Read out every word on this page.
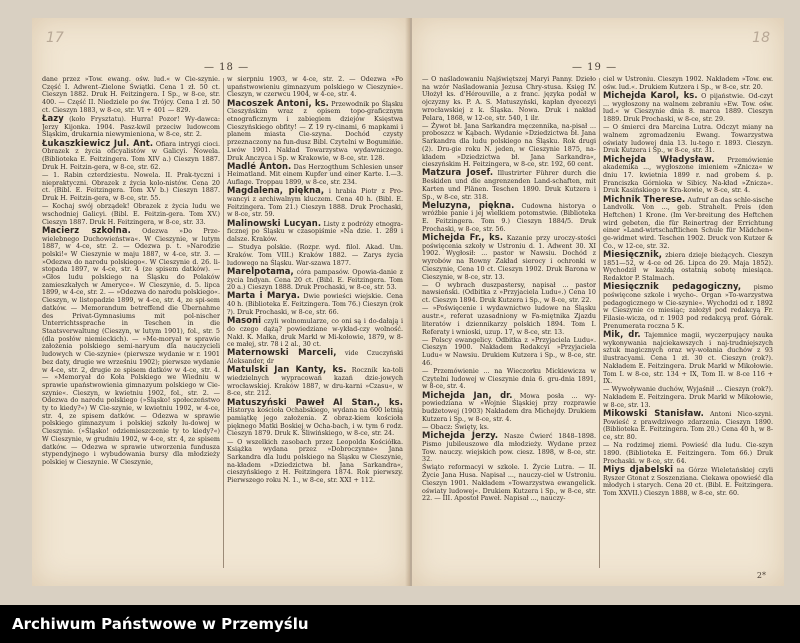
17
— 18 —

dane przez »Tow. ewang. ośw. lud.« w Cie-szynie. Część I. Adwent–Zielone Świątki. Cena 1 zł. 50 ct. Cieszyn 1882. Druk H. Feitzingera. I Sp., w 8-ce, str. 400. — Część II. Niedziele po św. Trójcy. Cena 1 zł. 50 ct. Cieszyn 1883, w 8-ce, str. VI + 401 — 829.

Łazy (koło Frysztatu). Hurra! Pozor! Wy-dawca: Jerzy Kijonka. 1904. Pasz-kwil przeciw ludowcom Śląskim, drukarnia niewymieniona, w 8-ce, str. 2.

Łukaszkiewicz Jul. Ant. Ofiara intrygi cioci. Obrazek z życia oficyalistów w Galicyi. Nowela. (Biblioteka E. Feitzingera. Tom XIV a.) Cieszyn 1887. Druk H. Feitzin-gera, w 8-ce, str. 62.

— 1. Rabin czterdziestu. Nowela. II. Prak-tyczni i niepraktyczni. Obrazek z życia kolo-nistów. Cena 20 ct. (Bibl. E. Feitzingera. Tom XV b.) Cieszyn 1887. Druk H. Feitzin-gera, w 8-ce, str. 55.

— Kochaj swój obrządek! Obrazek z życia ludu we wschodniej Galicyi. (Bibl. E. Feitzin-gera. Tom XV.) Cieszyn 1887. Druk H. Feitzingera, w 8-ce, str. 33.

Macierz szkolna. Odezwa »Do Prze-wielebnego Duchowieństwa«. W Cieszynie, w lutym 1887, w 4-ce, str. 2. — Odezwa p. t. »Narodzie polski!« W Cieszynie w maju 1887, w 4-ce, str. 3. — »Odezwa do narodu polskiego«. W Cieszynie d. 26. li-stopada 1897, w 4-ce, str. 4 (ze spisem datków). — »Głos ludu polskiego na Śląsku do Polaków zamieszkałych w Ameryce«. W Cieszynie, d. 5. lipca 1899, w 4-ce, str. 2. — »Odezwa do narodu polskiego«. Cieszyn, w listopadzie 1899, w 4-ce, str. 4, ze spi-sem datków. — Memorandum betreffend die Übernahme des Privat-Gymnasiums mit pol-nischer Unterrichtssprache in Teschen in die Staatsverwaltung (Cieszyn, w lutym 1901), fol., str. 5 (dla posłów niemieckich). — »Me-moryał w sprawie założenia polskiego semi-naryum dla nauczycieli ludowych w Cie-szynie« (pierwsze wydanie w r. 1901 bez daty, drugie we wrześniu 1902); pierwsze wydanie w 4-ce, str. 2, drugie ze spisem datków w 4-ce, str. 4. — »Memoryał do Koła Polskiego we Wiedniu w sprawie upaństwowienia gimnazyum polskiego w Cie-szynie«. Cieszyn, w kwietniu 1902, fol., str. 2. — Odezwa do narodu polskiego (»Śląsko! społeczeństwo ty to kiedy?«) W Cie-szynie, w kwietniu 1902, w 4-ce, str. 4, ze spisem datków. — Odezwa w sprawie polskiego gimnazyum i polskiej szkoły lu-dowej w Cieszynie. (»Śląsko! odziemieszczenie ty to kiedy?«) W Cieszynie, w grudniu 1902, w 4-ce, str. 4, ze spisem datków. — Odezwa w sprawie utworzenia fundusza stypendyjnego i wybudowania bursy dla młodzieży polskiej w Cieszynie. W Cieszynie,

w sierpniu 1903, w 4-ce, str. 2. — Odezwa »Po upaństwowieniu gimnazyum polskiego w Cieszynie«. Cieszyn, w czerwcu 1904, w 4-ce, str. 4.

Macoszek Antoni, ks. Przewodnik po Śląsku Cieszyńskim wraz z opisem topo-graficznym etnograficznym i zabiegiem dziejów Księstwa Cieszyńskiego obfity! — Z 19 ry-cinami, 6 mapkami i planem miasta Cie-szyna. Dochód czysty przeznaczony na fun-dusz Bibl. Czytelni w Bogumińie. Lwów 1901. Nakład Towarzystwa wydawniczego. Druk Anczyca i Sp. w Krakowie, w 8-ce, str. 128.

Madlé Anton. Das Herzogthum Schlesien unser Heimatland. Mit einem Kupfer und einer Karte. I.—3. Auflage. Troppau 1899, w 8-ce, str. 234.

Magdalena, piękna, i hrabia Piotr z Pro-wancyi z archiwalnym kluczem. Cena 40 h. (Bibl. E. Feitzingera. Tom 21.) Cieszyn 1888. Druk Prochaski, w 8-ce, str. 59.

Malinowski Lucyan. Listy z podróży etnogra-ficznej po Śląsku w czasopiśmie »Na dzie. 1. 289 i dalsze. Kraków.

— Studya polskie. (Rozpr. wyd. filol. Akad. Um. Kraków. Tom VIII.) Kraków 1882. — Zarys życia ludowego na Śląsku. War-szawa 1877.

Marelpotama, córa pampasów. Opowia-danie z życia Indyan. Cena 20 ct. (Bibl. E. Feitzingera. Tom 20 a.) Cieszyn 1888. Druk Prochaski, w 8-ce, str. 53.

Marta i Marya. Dwie powieści wiejskie. Cena 40 h. (Biblioteka E. Feitzingera. Tom 76.) Cieszyn (rok ?). Druk Prochaski, w 8-ce, str. 66.

Masoni czyli wolnomularze, co oni są i do-dałają i do czego dążą? powiedziane w-ykład-czy wolność. Nakł. K. Małka, druk Markl w Mi-kołowie, 1879, w 8-ce małej, str. 78 i 2 al., 30 ct.

Maternowski Marceli, vide Czuczyński Aleksander, dr

Matulski Jan Kanty, ks. Rocznik ka-toli wiedzielnych wypracowań kazań dzie-jowych wrocławskiej. Kraków 1887, w dru-karni »Czasu«, w 8-ce, str. 212.

Matuszyński Paweł Al Stan., ks. Historya kościoła Ochabskiego, wydana na 600 letnią pamiątkę jego założenia. Z obraz-kiem kościoła pięknego Matki Boskiej w Ocha-bach, i w. tym 6 rodz. Cieszyn 1879. Druk K. Śliwińskiego, w 8-ce, str. 24.

— O wszelkich zasobach przez Leopolda Kościółka. Książka wydana przez »Dobroczynne« Jana Sarkandra dla ludu polskiego na Śląsku w Cieszynie, na-kładem »Dziedzictwa bł. Jana Sarkandra«, cieszyńskiego z H. Feitzingera 1874. Rok pierwszy. Pierwszego roku N. 1., w 8-ce, str. XXI + 112.

18
— 19 —

— O naśladowaniu Najświętszej Maryi Panny. Dzieło na wzór Naśladowania Jezusa Chry-stusa. Księg IV. Ułożył ks. d'Hérouville, a z franc. języka podał w ojczyzny ks. P. A. S. Matuszyński, kapłan dyecezyi wrocławskiej z k. Śląska. Nowa. Druk i nakład Pelara, 1868, w 12-ce, str. 540, 1 ilr.

— Żywot bł. Jana Sarkandra męczennika, na-pisał ... proboszcz w Kąbach. Wydanie »Dziedzictwa bł. Jana Sarkandra dla ludu polskiego na Śląsku. Rok drugi (2). Dru-gie roku N. jeden, w Cieszynie 1875, na-kładem »Dziedzictwa bł. Jana Sarkandra«, cieszyńskim H. Feitzingera, w 8-ce, str. 192, 60 cent.

Matzura Josef. Illustrirter Führer durch die Beskiden und die angrenzenden Land-schaften, mit Karten und Plänen. Teschen 1890. Druk Kutzera i Sp., w 8-ce, str. 318.

Meluzyna, piękna. Cudowna historya o wróżbie panie i jej wielkiem potomstwie. (Biblioteka E. Feitzingera. Tom 9.) Cieszyn 1884/5. Druk Prochaski, w 8-ce, str. 56.

Michejda Fr., ks. Kazanie przy uroczy-stości poświęcenia szkoły w Ustroniu d. 1. Adwent 30. XI 1902. Wygłosił: ... pastor w Nawsiu. Dochód z wyrobów na Rowny Zakład sierocy i ochronki w Cieszynie, Cena 10 ct. Cieszyn 1902. Druk Barona w Cieszynie, w 8-ce, str. 13.

— O wybrach duszpastersy, napisał ... pastor nawsieński. (Odbitka z »Przyjaciela Ludu«.) Cena 10 ct. Cieszyn 1894. Druk Kutzera i Sp., w 8-ce, str. 22.

— »Poświęcenie i wydawnictwo ludowe na Śląsku austr.«, referat uzasadniony w Fa-miętnika Zjazdu literatów i dziennikarzy polskich 1894. Tom I. Referaty i wnioski, uzup. 17, w 8-ce, str. 13.

— Polscy ewangelicy. Odbitka z »Przyjaciela Ludu«. Cieszyn 1900. Nakładem Redakcyi »Przyjaciela Ludu« w Nawsiu. Drukiem Kutzera i Sp., w 8-ce, str. 46.

— Przemówienie ... na Wieczorku Mickiewicza w Czytelni ludowej w Cieszynie dnia 6. gru-dnia 1891, w 8-ce, str. 4.

Michejda Jan, dr. Mowa posła ... wy-powiedziana w »Wojnie Śląskiej przy rozprawie budżetowej (1903) Nakładem dra Michejdy. Drukiem Kutzera i Sp., w 8-ce, str. 4.

— Obacz: Święty, ks.

Michejda Jerzy. Nasze Ćwierć 1848–1898. Pismo jubileuszowe dla młodzieży. Wydane przez Tow. nauczy. wiejskich pow. ciesz. 1898, w 8-ce, str. 32.

Świąto reformacyi w szkole. I. Życie Lutra. — II. Życie Jana Husa. Napisał ..., nauczy-ciel w Ustroniu. Cieszyn 1901. Nakładem »Towarzystwa ewangelick. oświaty ludowej«. Drukiem Kutzera i Sp., w 8-ce, str. 22. — III. Apostoł Paweł. Napisał ..., nauczy-

ciel w Ustroniu. Cieszyn 1902. Nakładem »Tow. ew. ośw. lud.«. Drukiem Kutzera i Sp., w 8-ce, str. 20.

Michejda Karol, ks. O pijaństwie. Od-czyt ... wygłoszony na walnem zebraniu »Ew. Tow. ośw. lud.« w Cieszynie dnia 8. marca 1889. Cieszyn 1889. Druk Prochaski, w 8-ce, str. 29.

— O śmierci dra Marcina Lutra. Odczyt miany na walnem zgromadzeniu Ewang. Towarzystwa oświaty ludowej dnia 13. lu-tego r. 1893. Cieszyn. Druk Kutzera i Sp., w 8-ce, str. 31.

Michejda Władysław. Przemówienie akademika ..., wygłoszone imieniem »Znicza« w dniu 17. kwietnia 1899 r. nad grobem ś. p. Franciszka Górnioka w Sibicy. Na-kład »Znicza«. Druk Kasińskiego w Kra-kowie, w 8-ce, str. 4.

Michnik Therese. Aufruf an das schle-sische Landvolk. Von ..., geb. Strahelt. Preis (den Heftchen) 1 Krone. (Im Ver-breitung des Heftchen wird gebeten, die für Reinertrag der Errichtung einer »Land-wirtschaftlichen Schule für Mädchen« ge-widmet wird. Teschen 1902. Druck von Kutzer & Co., w 12-ce, str. 32.

Miesięcznik, zbiera dzieje bieżących. Cieszyn 1851—52, w 4-ce od 26. Lipca do 29. Maja 1852). Wychodził w każdą ostatnią sobotę miesiąca. Redaktor P. Stalmach.

Miesięcznik pedagogiczny, pismo poświęcone szkole i wycho-. Organ »To-warzystwa pedagogicznego w Cie-szynie«. Wychodzi od r. 1892 w Cieszynie co miesiąc; założył pod redakcyą Fr. Filasie-wicza, od r. 1903 pod redakcyą prof. Górak. Prenumerata roczna 5 K.

Mik, dr. Tajemnice magii, wyczerpujący nauka wykonywania najciekawszych i naj-trudniejszych sztuk magicznych oraz wy-wołania duchów z 93 ilustracyami. Cena 1 zł. 30 ct. Cieszyn (rok?). Nakładem E. Feitzingera. Druk Markl w Mikołowie. Tom I. w 8-ce, str. 134 + IX, Tom II. w 8-ce 116 + IX.

— Wywoływanie duchów, Wyjaśnił ... Cieszyn (rok?). Nakładem E. Feitzingera. Druk Markl w Mikołowie, w 8-ce, str. 13.

Mikowski Stanisław. Antoni Nico-szyni. Powieść z prawdziwego zdarzenia. Cieszyn 1890. (Biblioteka E. Feitzingera. Tom 20.) Cena 40 h, w 8-ce, str. 80.

— Na rodzimej ziemi. Powieść dla ludu. Cie-szyn 1890. (Biblioteka E. Feitzingera. Tom 66.) Druk Prochaski. w 8-ce, str. 64.

Miys djabelski na Górze Wieletańskiej czyli Ryszer Gtonat z Soszenziana. Ciekawa opowieść dla młodych i starych. Cena 20 ct. (Bibl. E. Feitzingera. Tom XXVII.) Cieszyn 1888, w 8-ce, str. 60.

2*
Archiwum Państwowe w Przemyślu
